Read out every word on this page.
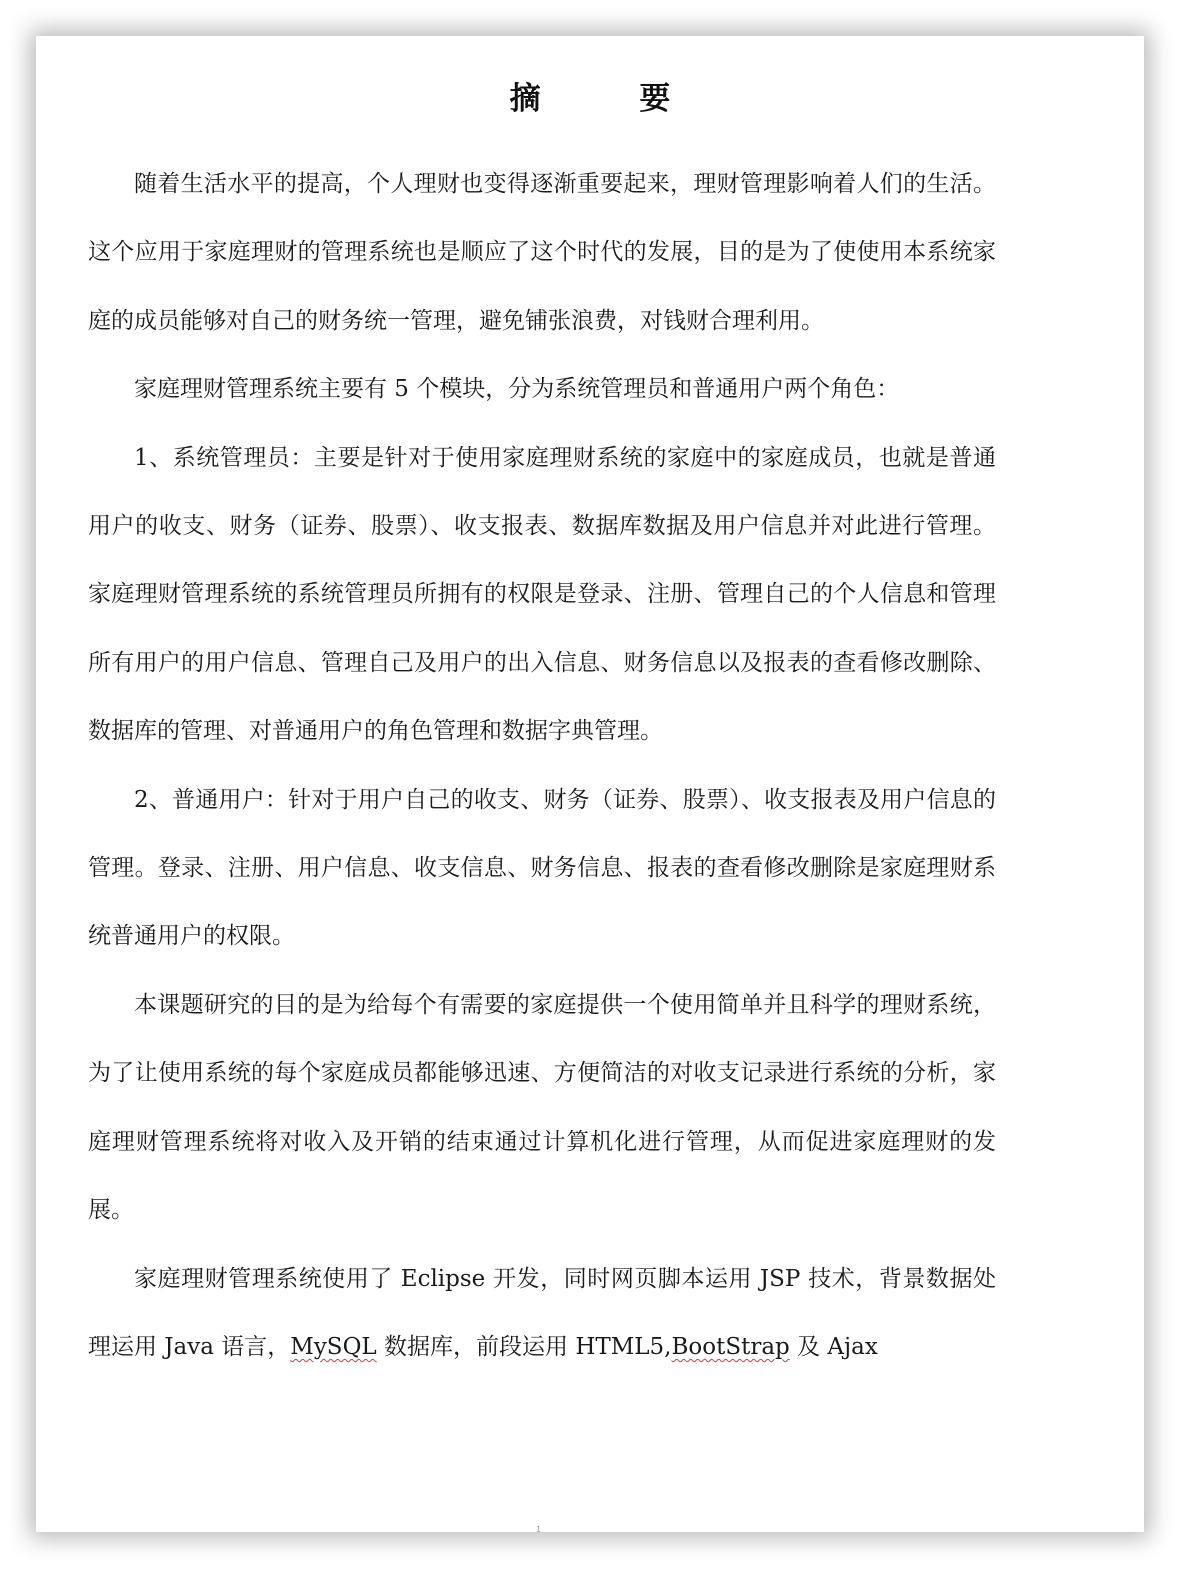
摘 要

随着生活水平的提高，个人理财也变得逐渐重要起来，理财管理影响着人们的生活。这个应用于家庭理财的管理系统也是顺应了这个时代的发展，目的是为了使使用本系统家庭的成员能够对自己的财务统一管理，避免铺张浪费，对钱财合理利用。

家庭理财管理系统主要有 5 个模块，分为系统管理员和普通用户两个角色：

1、系统管理员：主要是针对于使用家庭理财系统的家庭中的家庭成员，也就是普通用户的收支、财务（证券、股票）、收支报表、数据库数据及用户信息并对此进行管理。家庭理财管理系统的系统管理员所拥有的权限是登录、注册、管理自己的个人信息和管理所有用户的用户信息、管理自己及用户的出入信息、财务信息以及报表的查看修改删除、数据库的管理、对普通用户的角色管理和数据字典管理。

2、普通用户：针对于用户自己的收支、财务（证券、股票）、收支报表及用户信息的管理。登录、注册、用户信息、收支信息、财务信息、报表的查看修改删除是家庭理财系统普通用户的权限。

本课题研究的目的是为给每个有需要的家庭提供一个使用简单并且科学的理财系统，为了让使用系统的每个家庭成员都能够迅速、方便简洁的对收支记录进行系统的分析，家庭理财管理系统将对收入及开销的结束通过计算机化进行管理，从而促进家庭理财的发展。

家庭理财管理系统使用了 Eclipse 开发，同时网页脚本运用 JSP 技术，背景数据处理运用 Java 语言，MySQL 数据库，前段运用 HTML5,BootStrap 及 Ajax

1
